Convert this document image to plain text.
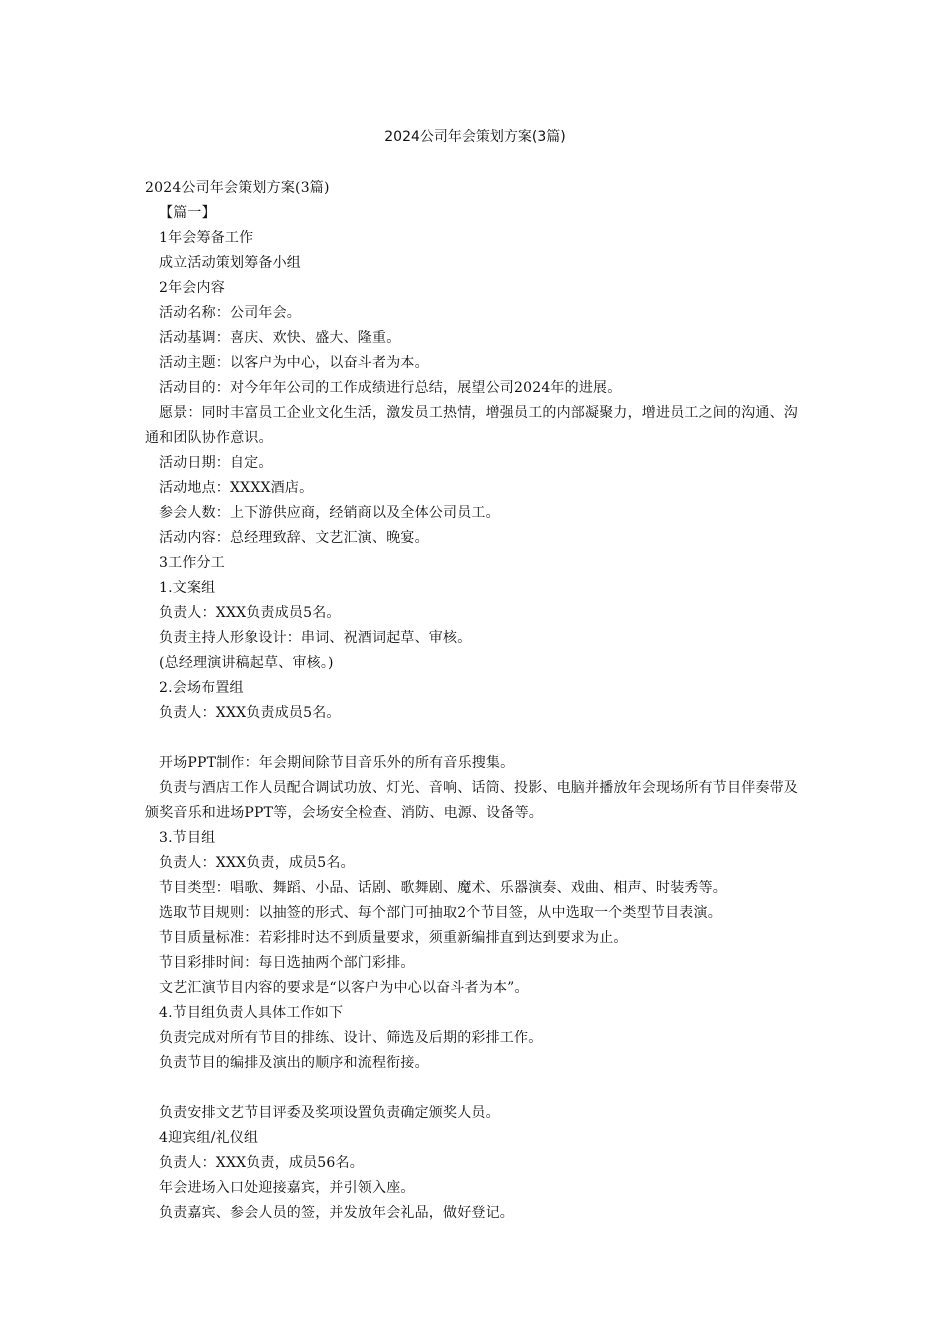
2024公司年会策划方案(3篇)
2024公司年会策划方案(3篇)
【篇一】
1年会筹备工作
成立活动策划筹备小组
2年会内容
活动名称：公司年会。
活动基调：喜庆、欢快、盛大、隆重。
活动主题：以客户为中心，以奋斗者为本。
活动目的：对今年年公司的工作成绩进行总结，展望公司2024年的进展。
愿景：同时丰富员工企业文化生活，激发员工热情，增强员工的内部凝聚力，增进员工之间的沟通、沟通和团队协作意识。
活动日期：自定。
活动地点：XXXX酒店。
参会人数：上下游供应商，经销商以及全体公司员工。
活动内容：总经理致辞、文艺汇演、晚宴。
3工作分工
1.文案组
负责人：XXX负责成员5名。
负责主持人形象设计：串词、祝酒词起草、审核。
(总经理演讲稿起草、审核。)
2.会场布置组
负责人：XXX负责成员5名。
开场PPT制作：年会期间除节目音乐外的所有音乐搜集。
负责与酒店工作人员配合调试功放、灯光、音响、话筒、投影、电脑并播放年会现场所有节目伴奏带及颁奖音乐和进场PPT等，会场安全检查、消防、电源、设备等。
3.节目组
负责人：XXX负责，成员5名。
节目类型：唱歌、舞蹈、小品、话剧、歌舞剧、魔术、乐器演奏、戏曲、相声、时装秀等。
选取节目规则：以抽签的形式、每个部门可抽取2个节目签，从中选取一个类型节目表演。
节目质量标准：若彩排时达不到质量要求，须重新编排直到达到要求为止。
节目彩排时间：每日选抽两个部门彩排。
文艺汇演节目内容的要求是“以客户为中心以奋斗者为本”。
4.节目组负责人具体工作如下
负责完成对所有节目的排练、设计、筛选及后期的彩排工作。
负责节目的编排及演出的顺序和流程衔接。
负责安排文艺节目评委及奖项设置负责确定颁奖人员。
4迎宾组/礼仪组
负责人：XXX负责，成员56名。
年会进场入口处迎接嘉宾，并引领入座。
负责嘉宾、参会人员的签，并发放年会礼品，做好登记。
